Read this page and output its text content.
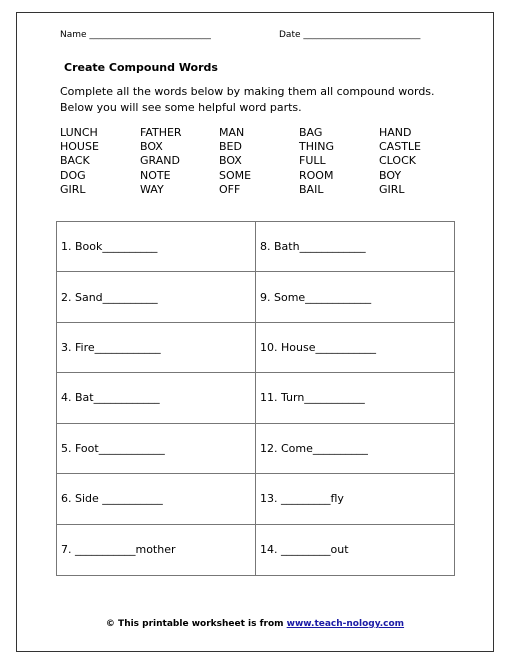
Name ___________________________	Date __________________________
Create Compound Words
Complete all the words below by making them all compound words. Below you will see some helpful word parts.
LUNCH	FATHER	MAN	BAG	HAND
HOUSE	BOX	BED	THING	CASTLE
BACK	GRAND	BOX	FULL	CLOCK
DOG	NOTE	SOME	ROOM	BOY
GIRL	WAY	OFF	BAIL	GIRL
1. Book__________	8. Bath____________
2. Sand__________	9. Some____________
3. Fire____________	10. House___________
4. Bat____________	11. Turn___________
5. Foot____________	12. Come__________
6. Side ___________	13. _________fly
7. ___________mother	14. _________out
© This printable worksheet is from www.teach-nology.com
